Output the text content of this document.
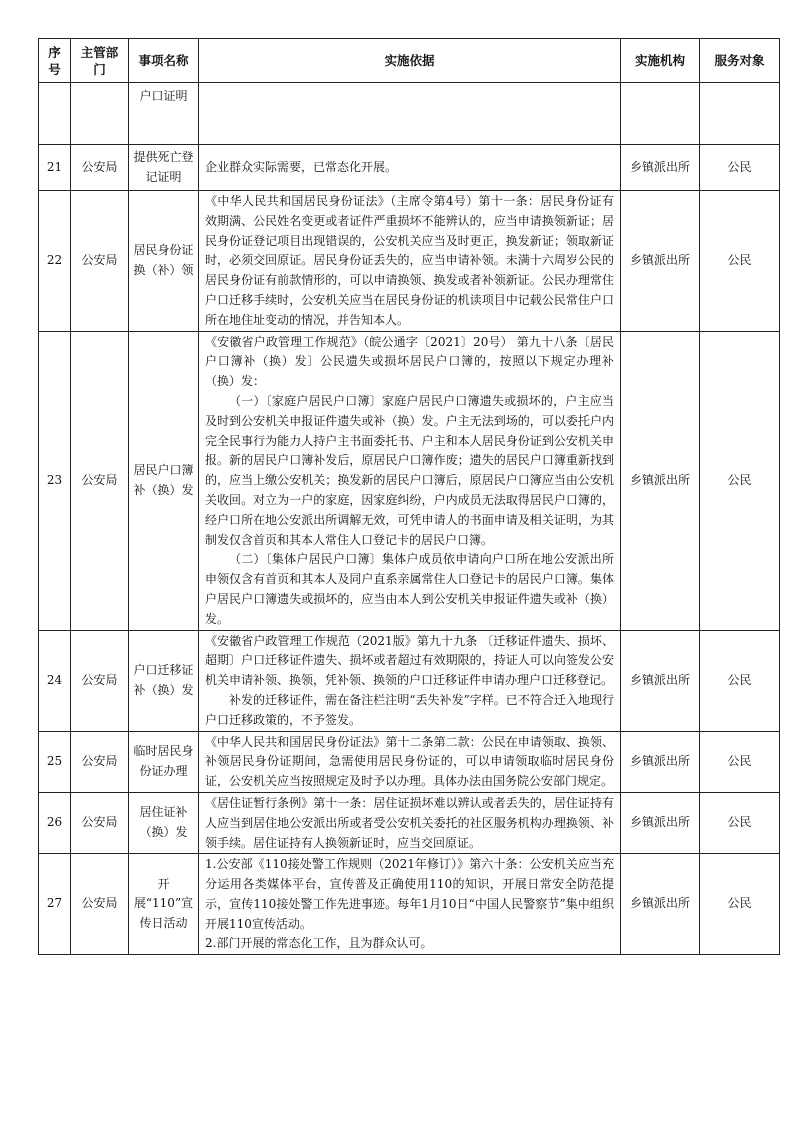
序号	主管部门	事项名称	实施依据	实施机构	服务对象
		户口证明			
21	公安局	提供死亡登记证明	企业群众实际需要，已常态化开展。	乡镇派出所	公民
22	公安局	居民身份证换（补）领	《中华人民共和国居民身份证法》（主席令第4号）第十一条：居民身份证有效期满、公民姓名变更或者证件严重损坏不能辨认的，应当申请换领新证；居民身份证登记项目出现错误的，公安机关应当及时更正，换发新证；领取新证时，必须交回原证。居民身份证丢失的，应当申请补领。未满十六周岁公民的居民身份证有前款情形的，可以申请换领、换发或者补领新证。公民办理常住户口迁移手续时，公安机关应当在居民身份证的机读项目中记载公民常住户口所在地住址变动的情况，并告知本人。	乡镇派出所	公民
23	公安局	居民户口簿补（换）发	《安徽省户政管理工作规范》（皖公通字〔2021〕20号） 第九十八条〔居民户口簿补（换）发〕公民遗失或损坏居民户口簿的，按照以下规定办理补（换）发：

（一）〔家庭户居民户口簿〕家庭户居民户口簿遗失或损坏的，户主应当及时到公安机关申报证件遗失或补（换）发。户主无法到场的，可以委托户内完全民事行为能力人持户主书面委托书、户主和本人居民身份证到公安机关申报。新的居民户口簿补发后，原居民户口簿作废；遗失的居民户口簿重新找到的，应当上缴公安机关；换发新的居民户口簿后，原居民户口簿应当由公安机关收回。对立为一户的家庭，因家庭纠纷，户内成员无法取得居民户口簿的，经户口所在地公安派出所调解无效，可凭申请人的书面申请及相关证明，为其制发仅含首页和其本人常住人口登记卡的居民户口簿。

（二）〔集体户居民户口簿〕集体户成员依申请向户口所在地公安派出所申领仅含有首页和其本人及同户直系亲属常住人口登记卡的居民户口簿。集体户居民户口簿遗失或损坏的，应当由本人到公安机关申报证件遗失或补（换）发。	乡镇派出所	公民
24	公安局	户口迁移证补（换）发	《安徽省户政管理工作规范（2021版》第九十九条 〔迁移证件遗失、损坏、超期〕户口迁移证件遗失、损坏或者超过有效期限的，持证人可以向签发公安机关申请补领、换领，凭补领、换领的户口迁移证件申请办理户口迁移登记。

补发的迁移证件，需在备注栏注明“丢失补发”字样。已不符合迁入地现行户口迁移政策的，不予签发。	乡镇派出所	公民
25	公安局	临时居民身份证办理	《中华人民共和国居民身份证法》第十二条第二款：公民在申请领取、换领、补领居民身份证期间，急需使用居民身份证的，可以申请领取临时居民身份证，公安机关应当按照规定及时予以办理。具体办法由国务院公安部门规定。	乡镇派出所	公民
26	公安局	居住证补（换）发	《居住证暂行条例》第十一条：居住证损坏难以辨认或者丢失的，居住证持有人应当到居住地公安派出所或者受公安机关委托的社区服务机构办理换领、补领手续。居住证持有人换领新证时，应当交回原证。	乡镇派出所	公民
27	公安局	开展“110”宣传日活动	1.公安部《110接处警工作规则（2021年修订）》第六十条：公安机关应当充分运用各类媒体平台，宣传普及正确使用110的知识，开展日常安全防范提示，宣传110接处警工作先进事迹。每年1月10日“中国人民警察节”集中组织开展110宣传活动。

2.部门开展的常态化工作，且为群众认可。	乡镇派出所	公民
